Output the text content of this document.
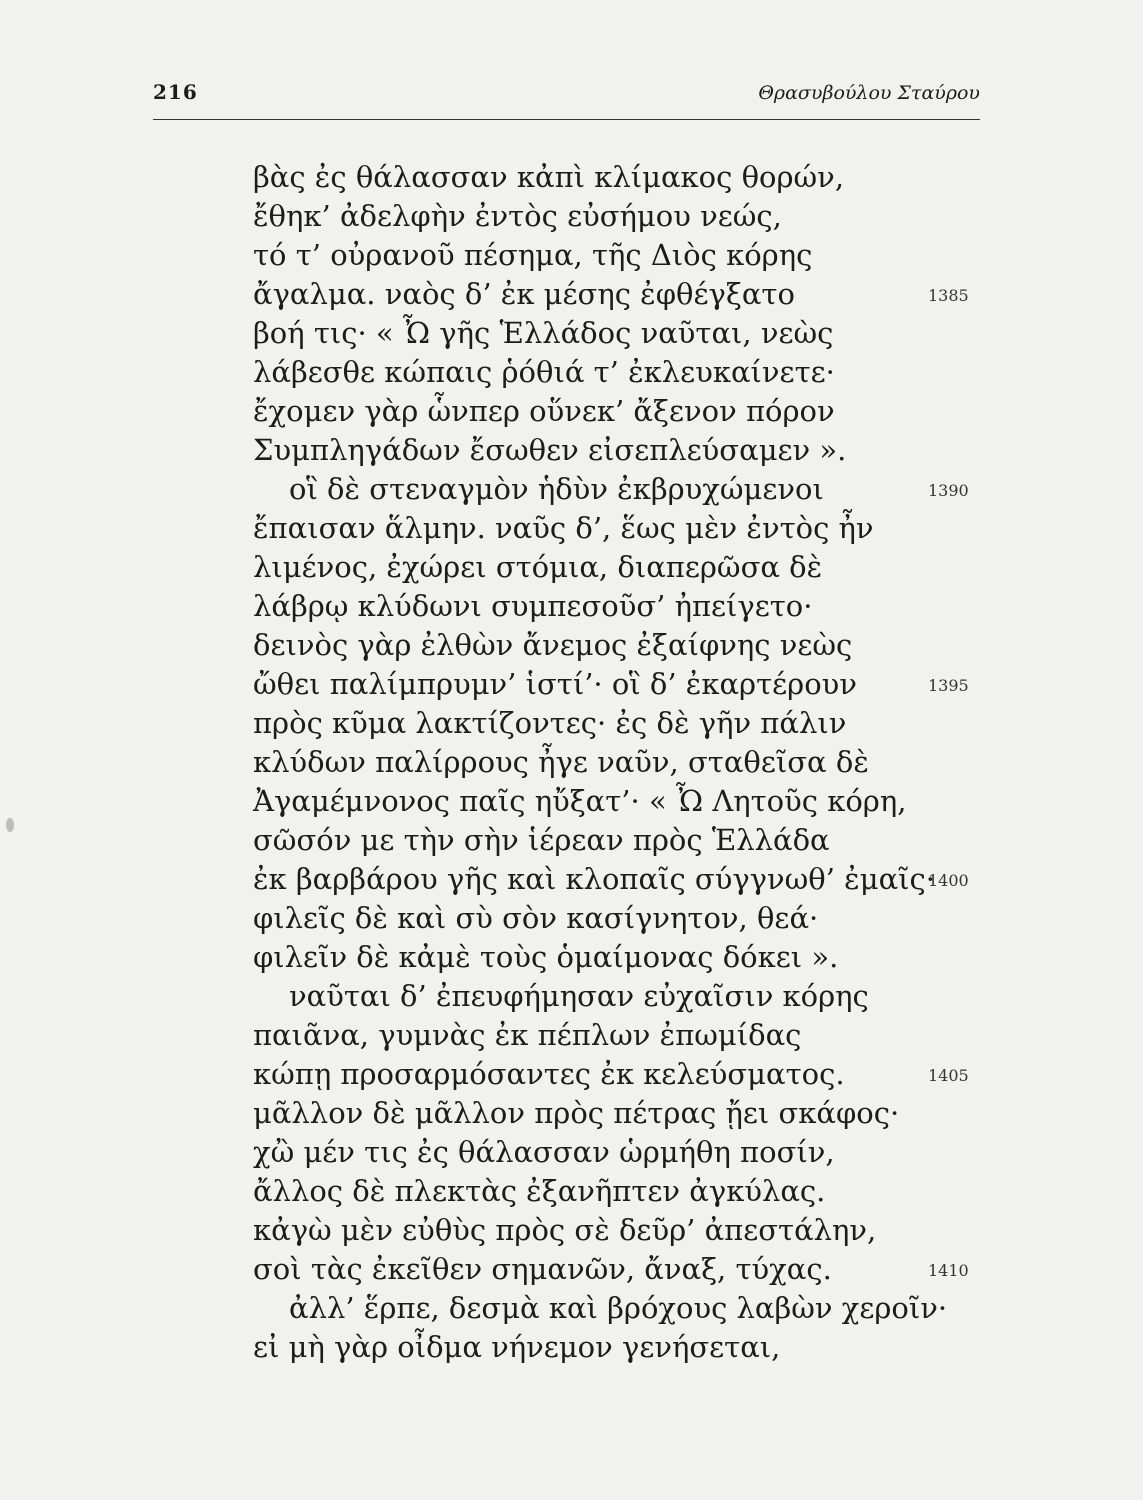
216	Θρασυβούλου Σταύρου
βὰς ἐς θάλασσαν κἀπὶ κλίμακος θορών,
ἔθηκ’ ἀδελφὴν ἐντὸς εὐσήμου νεώς,
τό τ’ οὐρανοῦ πέσημα, τῆς Διὸς κόρης
ἄγαλμα. ναὸς δ’ ἐκ μέσης ἐφθέγξατο
βοή τις· « Ὦ γῆς Ἑλλάδος ναῦται, νεὼς
λάβεσθε κώπαις ῥόθιά τ’ ἐκλευκαίνετε·
ἔχομεν γὰρ ὧνπερ οὕνεκ’ ἄξενον πόρον
Συμπληγάδων ἔσωθεν εἰσεπλεύσαμεν ».
οἳ δὲ στεναγμὸν ἡδὺν ἐκβρυχώμενοι
ἔπαισαν ἅλμην. ναῦς δ’, ἕως μὲν ἐντὸς ἦν
λιμένος, ἐχώρει στόμια, διαπερῶσα δὲ
λάβρῳ κλύδωνι συμπεσοῦσ’ ἠπείγετο·
δεινὸς γὰρ ἐλθὼν ἄνεμος ἐξαίφνης νεὼς
ὤθει παλίμπρυμν’ ἱστί’· οἳ δ’ ἐκαρτέρουν
πρὸς κῦμα λακτίζοντες· ἐς δὲ γῆν πάλιν
κλύδων παλίρρους ἦγε ναῦν, σταθεῖσα δὲ
Ἀγαμέμνονος παῖς ηὔξατ’· « Ὦ Λητοῦς κόρη,
σῶσόν με τὴν σὴν ἱέρεαν πρὸς Ἑλλάδα
ἐκ βαρβάρου γῆς καὶ κλοπαῖς σύγγνωθ’ ἐμαῖς·
φιλεῖς δὲ καὶ σὺ σὸν κασίγνητον, θεά·
φιλεῖν δὲ κἀμὲ τοὺς ὁμαίμονας δόκει ».
ναῦται δ’ ἐπευφήμησαν εὐχαῖσιν κόρης
παιᾶνα, γυμνὰς ἐκ πέπλων ἐπωμίδας
κώπῃ προσαρμόσαντες ἐκ κελεύσματος.
μᾶλλον δὲ μᾶλλον πρὸς πέτρας ᾔει σκάφος·
χὢ μέν τις ἐς θάλασσαν ὡρμήθη ποσίν,
ἄλλος δὲ πλεκτὰς ἐξανῆπτεν ἀγκύλας.
κἀγὼ μὲν εὐθὺς πρὸς σὲ δεῦρ’ ἀπεστάλην,
σοὶ τὰς ἐκεῖθεν σημανῶν, ἄναξ, τύχας.
ἀλλ’ ἕρπε, δεσμὰ καὶ βρόχους λαβὼν χεροῖν·
εἰ μὴ γὰρ οἶδμα νήνεμον γενήσεται,
1385
1390
1395
1400
1405
1410
